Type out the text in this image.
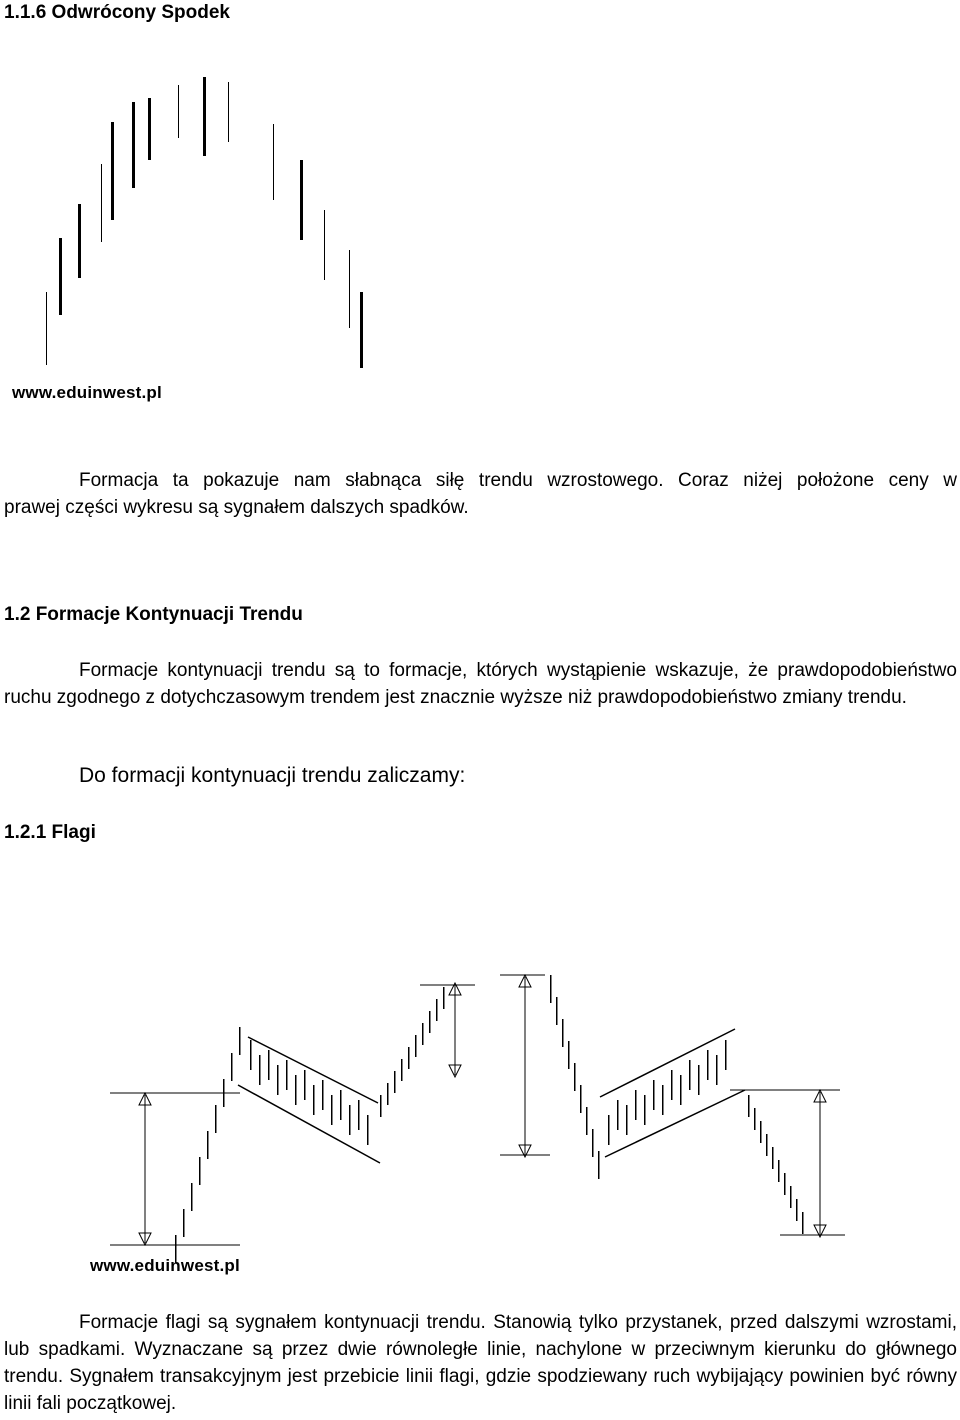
1.1.6 Odwrócony Spodek
www.eduinwest.pl
Formacja ta pokazuje nam słabnąca siłę trendu wzrostowego. Coraz niżej położone ceny w
prawej części wykresu są sygnałem dalszych spadków.
1.2 Formacje Kontynuacji Trendu
Formacje kontynuacji trendu są to formacje, których wystąpienie wskazuje, że prawdopodobieństwo ruchu zgodnego z dotychczasowym trendem jest znacznie wyższe niż prawdopodobieństwo zmiany trendu.
Do formacji kontynuacji trendu zaliczamy:
1.2.1 Flagi
www.eduinwest.pl
Formacje flagi są sygnałem kontynuacji trendu. Stanowią tylko przystanek, przed dalszymi wzrostami, lub spadkami. Wyznaczane są przez dwie równoległe linie, nachylone w przeciwnym kierunku do głównego trendu. Sygnałem transakcyjnym jest przebicie linii flagi, gdzie spodziewany ruch wybijający powinien być równy linii fali początkowej.
